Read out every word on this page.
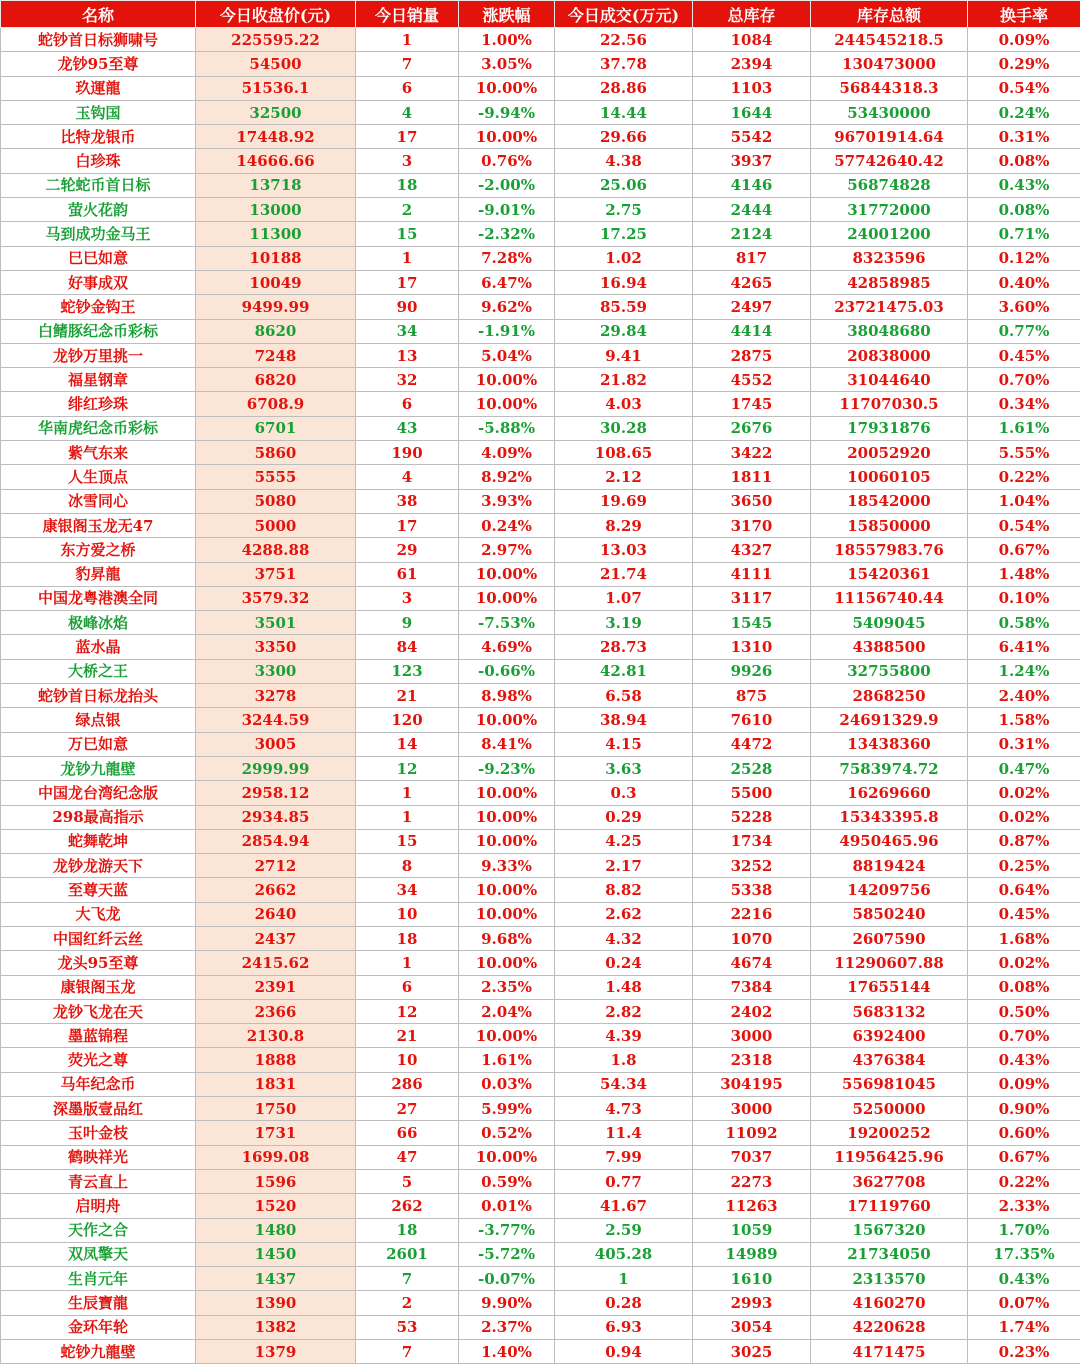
名称	今日收盘价(元)	今日销量	涨跌幅	今日成交(万元)	总库存	库存总额	换手率
蛇钞首日标狮啸号	225595.22	1	1.00%	22.56	1084	244545218.5	0.09%
龙钞95至尊	54500	7	3.05%	37.78	2394	130473000	0.29%
玖運龍	51536.1	6	10.00%	28.86	1103	56844318.3	0.54%
玉钩国	32500	4	-9.94%	14.44	1644	53430000	0.24%
比特龙银币	17448.92	17	10.00%	29.66	5542	96701914.64	0.31%
白珍珠	14666.66	3	0.76%	4.38	3937	57742640.42	0.08%
二轮蛇币首日标	13718	18	-2.00%	25.06	4146	56874828	0.43%
萤火花韵	13000	2	-9.01%	2.75	2444	31772000	0.08%
马到成功金马王	11300	15	-2.32%	17.25	2124	24001200	0.71%
巳巳如意	10188	1	7.28%	1.02	817	8323596	0.12%
好事成双	10049	17	6.47%	16.94	4265	42858985	0.40%
蛇钞金钩王	9499.99	90	9.62%	85.59	2497	23721475.03	3.60%
白鳍豚纪念币彩标	8620	34	-1.91%	29.84	4414	38048680	0.77%
龙钞万里挑一	7248	13	5.04%	9.41	2875	20838000	0.45%
福星钢章	6820	32	10.00%	21.82	4552	31044640	0.70%
绯红珍珠	6708.9	6	10.00%	4.03	1745	11707030.5	0.34%
华南虎纪念币彩标	6701	43	-5.88%	30.28	2676	17931876	1.61%
紫气东来	5860	190	4.09%	108.65	3422	20052920	5.55%
人生顶点	5555	4	8.92%	2.12	1811	10060105	0.22%
冰雪同心	5080	38	3.93%	19.69	3650	18542000	1.04%
康银阁玉龙无47	5000	17	0.24%	8.29	3170	15850000	0.54%
东方爱之桥	4288.88	29	2.97%	13.03	4327	18557983.76	0.67%
豹昇龍	3751	61	10.00%	21.74	4111	15420361	1.48%
中国龙粤港澳全同	3579.32	3	10.00%	1.07	3117	11156740.44	0.10%
极峰冰焰	3501	9	-7.53%	3.19	1545	5409045	0.58%
蓝水晶	3350	84	4.69%	28.73	1310	4388500	6.41%
大桥之王	3300	123	-0.66%	42.81	9926	32755800	1.24%
蛇钞首日标龙抬头	3278	21	8.98%	6.58	875	2868250	2.40%
绿点银	3244.59	120	10.00%	38.94	7610	24691329.9	1.58%
万巳如意	3005	14	8.41%	4.15	4472	13438360	0.31%
龙钞九龍壁	2999.99	12	-9.23%	3.63	2528	7583974.72	0.47%
中国龙台湾纪念版	2958.12	1	10.00%	0.3	5500	16269660	0.02%
298最高指示	2934.85	1	10.00%	0.29	5228	15343395.8	0.02%
蛇舞乾坤	2854.94	15	10.00%	4.25	1734	4950465.96	0.87%
龙钞龙游天下	2712	8	9.33%	2.17	3252	8819424	0.25%
至尊天蓝	2662	34	10.00%	8.82	5338	14209756	0.64%
大飞龙	2640	10	10.00%	2.62	2216	5850240	0.45%
中国红纤云丝	2437	18	9.68%	4.32	1070	2607590	1.68%
龙头95至尊	2415.62	1	10.00%	0.24	4674	11290607.88	0.02%
康银阁玉龙	2391	6	2.35%	1.48	7384	17655144	0.08%
龙钞飞龙在天	2366	12	2.04%	2.82	2402	5683132	0.50%
墨蓝锦程	2130.8	21	10.00%	4.39	3000	6392400	0.70%
荧光之尊	1888	10	1.61%	1.8	2318	4376384	0.43%
马年纪念币	1831	286	0.03%	54.34	304195	556981045	0.09%
深墨版壹品红	1750	27	5.99%	4.73	3000	5250000	0.90%
玉叶金枝	1731	66	0.52%	11.4	11092	19200252	0.60%
鹤映祥光	1699.08	47	10.00%	7.99	7037	11956425.96	0.67%
青云直上	1596	5	0.59%	0.77	2273	3627708	0.22%
启明舟	1520	262	0.01%	41.67	11263	17119760	2.33%
天作之合	1480	18	-3.77%	2.59	1059	1567320	1.70%
双凤擎天	1450	2601	-5.72%	405.28	14989	21734050	17.35%
生肖元年	1437	7	-0.07%	1	1610	2313570	0.43%
生辰寶龍	1390	2	9.90%	0.28	2993	4160270	0.07%
金环年轮	1382	53	2.37%	6.93	3054	4220628	1.74%
蛇钞九龍壁	1379	7	1.40%	0.94	3025	4171475	0.23%
